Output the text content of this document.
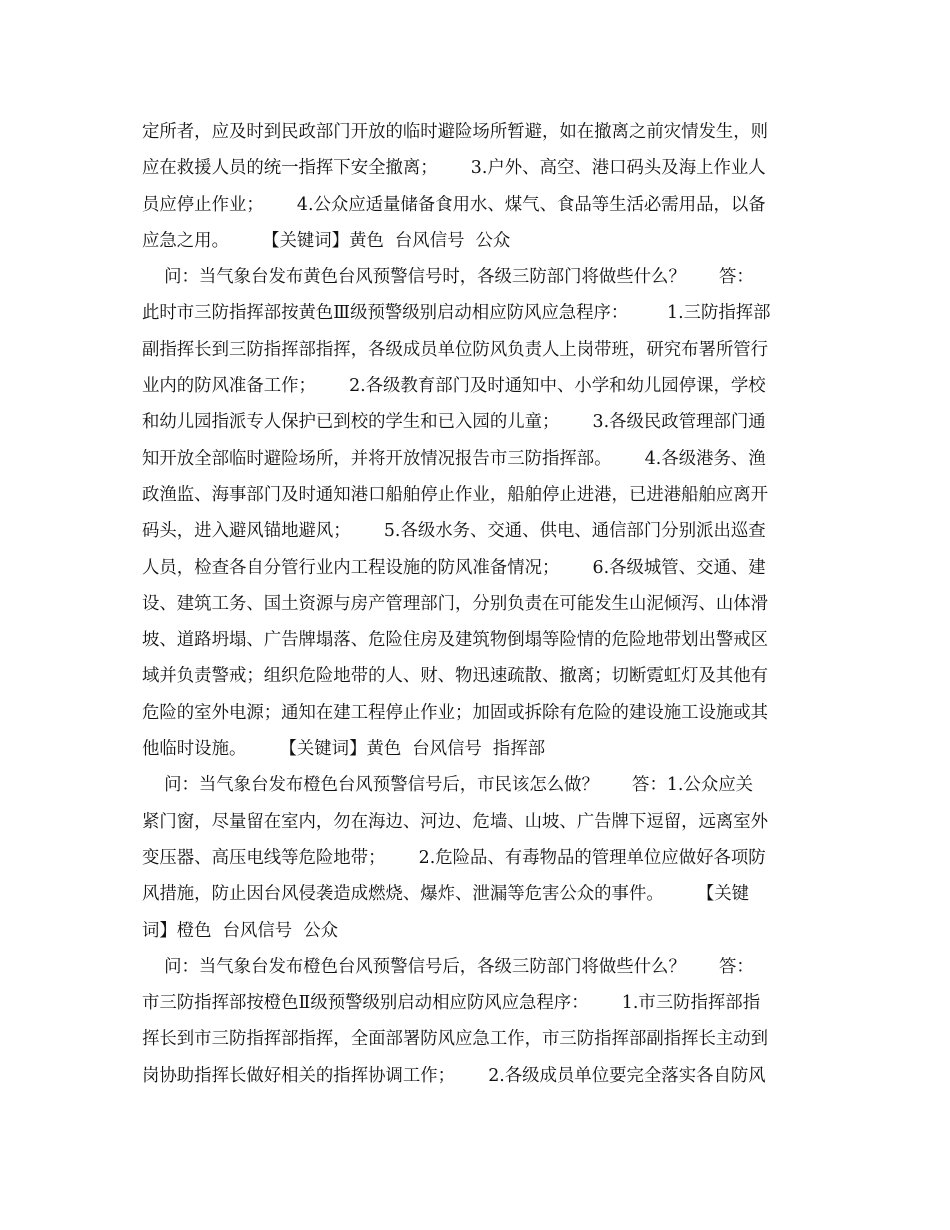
定所者，应及时到民政部门开放的临时避险场所暂避，如在撤离之前灾情发生，则
应在救援人员的统一指挥下安全撤离；      3.户外、高空、港口码头及海上作业人
员应停止作业；      4.公众应适量储备食用水、煤气、食品等生活必需用品，以备
应急之用。      【关键词】黄色  台风信号  公众
问：当气象台发布黄色台风预警信号时，各级三防部门将做些什么？      答：
此时市三防指挥部按黄色Ⅲ级预警级别启动相应防风应急程序：       1.三防指挥部
副指挥长到三防指挥部指挥，各级成员单位防风负责人上岗带班，研究布署所管行
业内的防风准备工作；      2.各级教育部门及时通知中、小学和幼儿园停课，学校
和幼儿园指派专人保护已到校的学生和已入园的儿童；      3.各级民政管理部门通
知开放全部临时避险场所，并将开放情况报告市三防指挥部。      4.各级港务、渔
政渔监、海事部门及时通知港口船舶停止作业，船舶停止进港，已进港船舶应离开
码头，进入避风锚地避风；      5.各级水务、交通、供电、通信部门分别派出巡查
人员，检查各自分管行业内工程设施的防风准备情况；      6.各级城管、交通、建
设、建筑工务、国土资源与房产管理部门，分别负责在可能发生山泥倾泻、山体滑
坡、道路坍塌、广告牌塌落、危险住房及建筑物倒塌等险情的危险地带划出警戒区
域并负责警戒；组织危险地带的人、财、物迅速疏散、撤离；切断霓虹灯及其他有
危险的室外电源；通知在建工程停止作业；加固或拆除有危险的建设施工设施或其
他临时设施。      【关键词】黄色  台风信号  指挥部
问：当气象台发布橙色台风预警信号后，市民该怎么做？      答：1.公众应关
紧门窗，尽量留在室内，勿在海边、河边、危墙、山坡、广告牌下逗留，远离室外
变压器、高压电线等危险地带；      2.危险品、有毒物品的管理单位应做好各项防
风措施，防止因台风侵袭造成燃烧、爆炸、泄漏等危害公众的事件。      【关键
词】橙色  台风信号  公众
问：当气象台发布橙色台风预警信号后，各级三防部门将做些什么？      答：
市三防指挥部按橙色Ⅱ级预警级别启动相应防风应急程序：      1.市三防指挥部指
挥长到市三防指挥部指挥，全面部署防风应急工作，市三防指挥部副指挥长主动到
岗协助指挥长做好相关的指挥协调工作；      2.各级成员单位要完全落实各自防风
